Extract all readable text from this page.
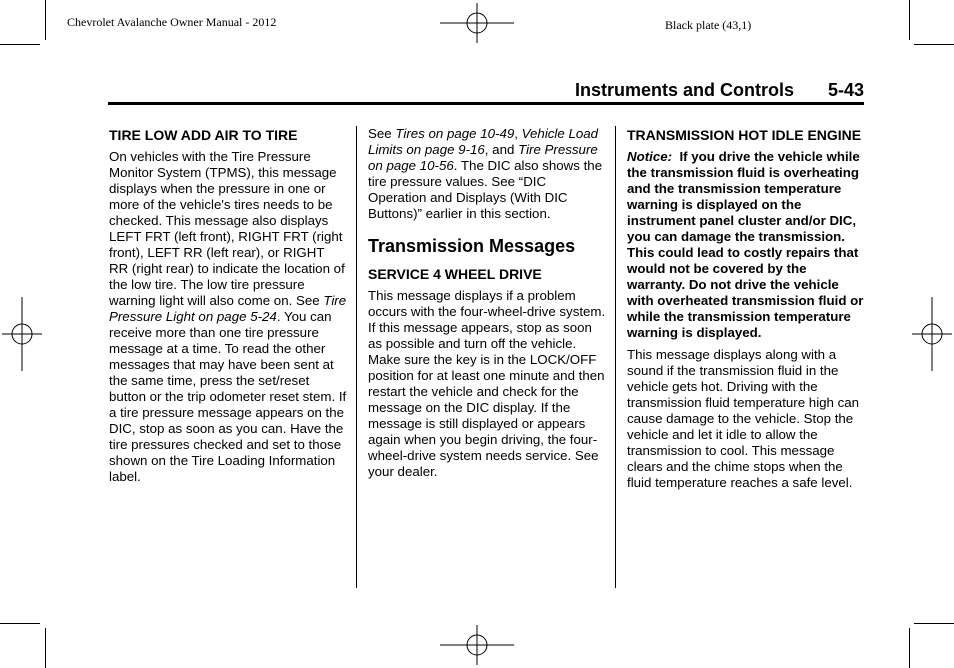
Chevrolet Avalanche Owner Manual - 2012	Black plate (43,1)
Instruments and Controls 5-43
TIRE LOW ADD AIR TO TIRE

On vehicles with the Tire Pressure Monitor System (TPMS), this message displays when the pressure in one or more of the vehicle's tires needs to be checked. This message also displays LEFT FRT (left front), RIGHT FRT (right front), LEFT RR (left rear), or RIGHT RR (right rear) to indicate the location of the low tire. The low tire pressure warning light will also come on. See Tire Pressure Light on page 5-24. You can receive more than one tire pressure message at a time. To read the other messages that may have been sent at the same time, press the set/reset button or the trip odometer reset stem. If a tire pressure message appears on the DIC, stop as soon as you can. Have the tire pressures checked and set to those shown on the Tire Loading Information label.

See Tires on page 10-49, Vehicle Load Limits on page 9-16, and Tire Pressure on page 10-56. The DIC also shows the tire pressure values. See “DIC Operation and Displays (With DIC Buttons)” earlier in this section.

Transmission Messages
SERVICE 4 WHEEL DRIVE

This message displays if a problem occurs with the four-wheel-drive system. If this message appears, stop as soon as possible and turn off the vehicle. Make sure the key is in the LOCK/OFF position for at least one minute and then restart the vehicle and check for the message on the DIC display. If the message is still displayed or appears again when you begin driving, the four-wheel-drive system needs service. See your dealer.

TRANSMISSION HOT IDLE ENGINE

Notice: If you drive the vehicle while the transmission fluid is overheating and the transmission temperature warning is displayed on the instrument panel cluster and/or DIC, you can damage the transmission. This could lead to costly repairs that would not be covered by the warranty. Do not drive the vehicle with overheated transmission fluid or while the transmission temperature warning is displayed.

This message displays along with a sound if the transmission fluid in the vehicle gets hot. Driving with the transmission fluid temperature high can cause damage to the vehicle. Stop the vehicle and let it idle to allow the transmission to cool. This message clears and the chime stops when the fluid temperature reaches a safe level.
